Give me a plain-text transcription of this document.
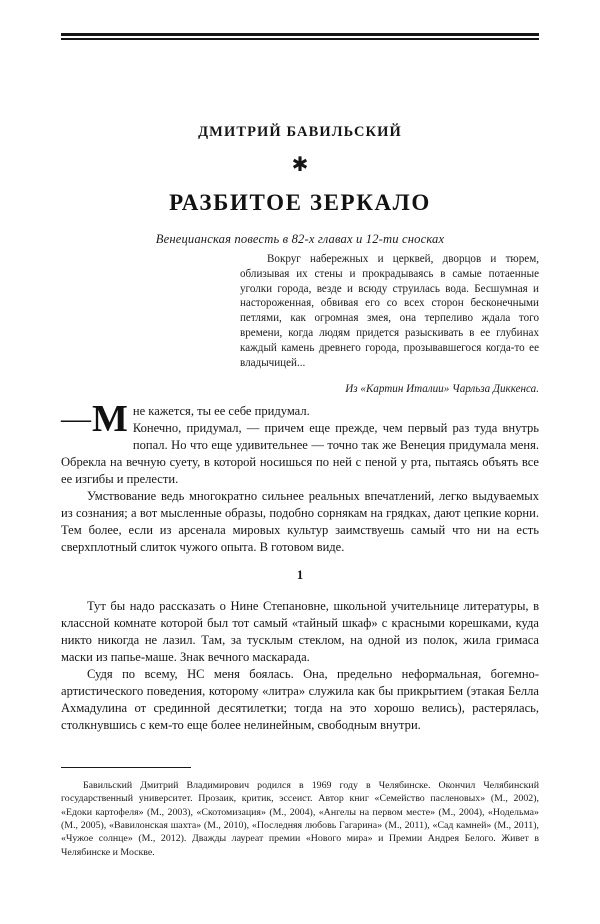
ДМИТРИЙ БАВИЛЬСКИЙ
✱
РАЗБИТОЕ ЗЕРКАЛО
Венецианская повесть в 82-х главах и 12-ти сносках
Вокруг набережных и церквей, дворцов и тюрем, облизывая их стены и прокрадываясь в самые потаенные уголки города, везде и всюду струилась вода. Бесшумная и настороженная, обвивая его со всех сторон бесконечными петлями, как огромная змея, она терпеливо ждала того времени, когда людям придется разыскивать в ее глубинах каждый камень древнего города, прозывавшегося когда-то ее владычицей...
Из «Картин Италии» Чарльза Диккенса.
— М не кажется, ты ее себе придумал.

Конечно, придумал, — причем еще прежде, чем первый раз туда внутрь попал. Но что еще удивительнее — точно так же Венеция придумала меня. Обрекла на вечную суету, в которой носишься по ней с пеной у рта, пытаясь объять все ее изгибы и прелести.

Умствование ведь многократно сильнее реальных впечатлений, легко выдуваемых из сознания; а вот мысленные образы, подобно сорнякам на грядках, дают цепкие корни. Тем более, если из арсенала мировых культур заимствуешь самый что ни на есть сверхплотный слиток чужого опыта. В готовом виде.

1

Тут бы надо рассказать о Нине Степановне, школьной учительнице литературы, в классной комнате которой был тот самый «тайный шкаф» с красными корешками, куда никто никогда не лазил. Там, за тусклым стеклом, на одной из полок, жила гримаса маски из папье-маше. Знак вечного маскарада.

Судя по всему, НС меня боялась. Она, предельно неформальная, богемно-артистического поведения, которому «литра» служила как бы прикрытием (этакая Белла Ахмадулина от срединной десятилетки; тогда на это хорошо велись), растерялась, столкнувшись с кем-то еще более нелинейным, свободным внутри.

Бавильский Дмитрий Владимирович родился в 1969 году в Челябинске. Окончил Челябинский государственный университет. Прозаик, критик, эссеист. Автор книг «Семейство пасленовых» (М., 2002), «Едоки картофеля» (М., 2003), «Скотомизация» (М., 2004), «Ангелы на первом месте» (М., 2004), «Нодельма» (М., 2005), «Вавилонская шахта» (М., 2010), «Последняя любовь Гагарина» (М., 2011), «Сад камней» (М., 2011), «Чужое солнце» (М., 2012). Дважды лауреат премии «Нового мира» и Премии Андрея Белого. Живет в Челябинске и Москве.
